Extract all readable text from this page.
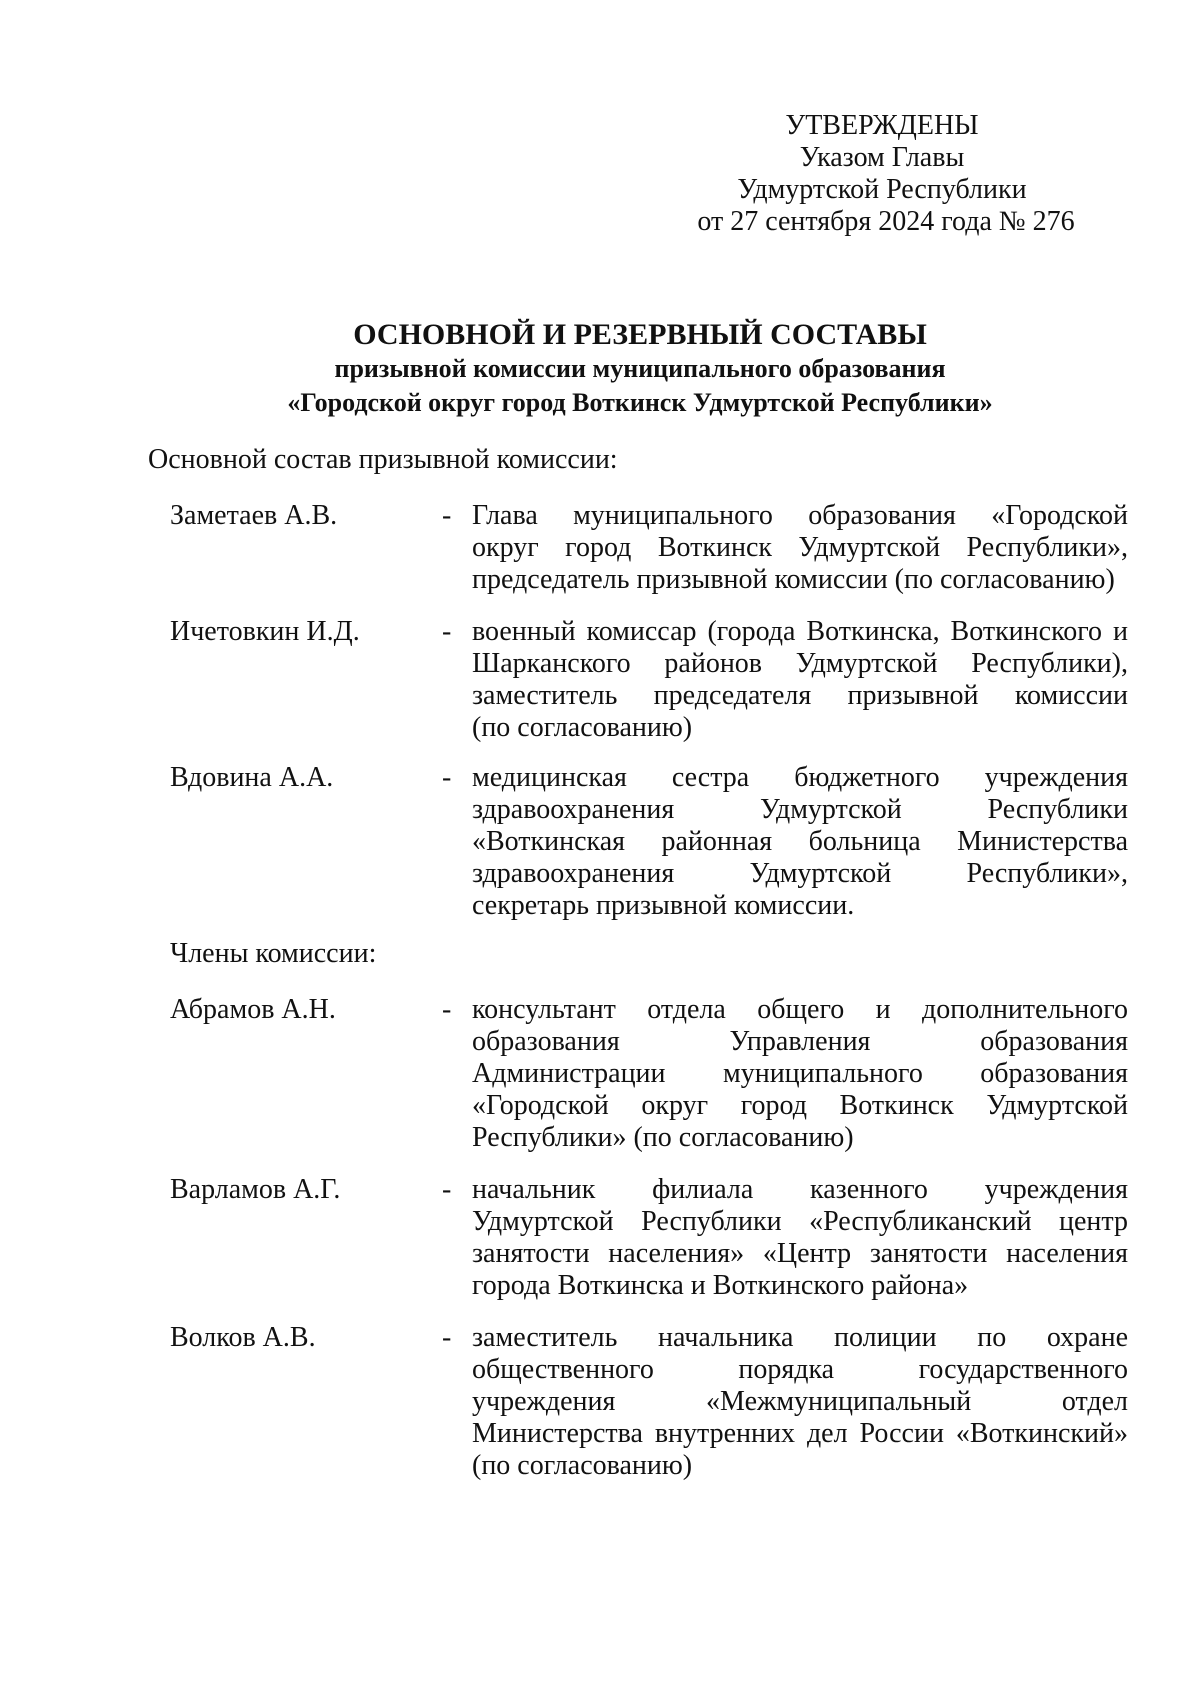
УТВЕРЖДЕНЫ
Указом Главы
Удмуртской Республики
от 27 сентября 2024 года № 276
ОСНОВНОЙ И РЕЗЕРВНЫЙ СОСТАВЫ
призывной комиссии муниципального образования
«Городской округ город Воткинск Удмуртской Республики»
Основной состав призывной комиссии:
Заметаев А.В.	- Глава муниципального образования «Городской
округ город Воткинск Удмуртской Республики»,
председатель призывной комиссии (по согласованию)
Ичетовкин И.Д.	- военный комиссар (города Воткинска, Воткинского и
Шарканского районов Удмуртской Республики),
заместитель председателя призывной комиссии
(по согласованию)
Вдовина А.А.	- медицинская сестра бюджетного учреждения
здравоохранения Удмуртской Республики
«Воткинская районная больница Министерства
здравоохранения Удмуртской Республики»,
секретарь призывной комиссии.
Члены комиссии:
Абрамов А.Н.	- консультант отдела общего и дополнительного
образования Управления образования
Администрации муниципального образования
«Городской округ город Воткинск Удмуртской
Республики» (по согласованию)
Варламов А.Г.	- начальник филиала казенного учреждения
Удмуртской Республики «Республиканский центр
занятости населения» «Центр занятости населения
города Воткинска и Воткинского района»
Волков А.В.	- заместитель начальника полиции по охране
общественного порядка государственного
учреждения «Межмуниципальный отдел
Министерства внутренних дел России «Воткинский»
(по согласованию)
